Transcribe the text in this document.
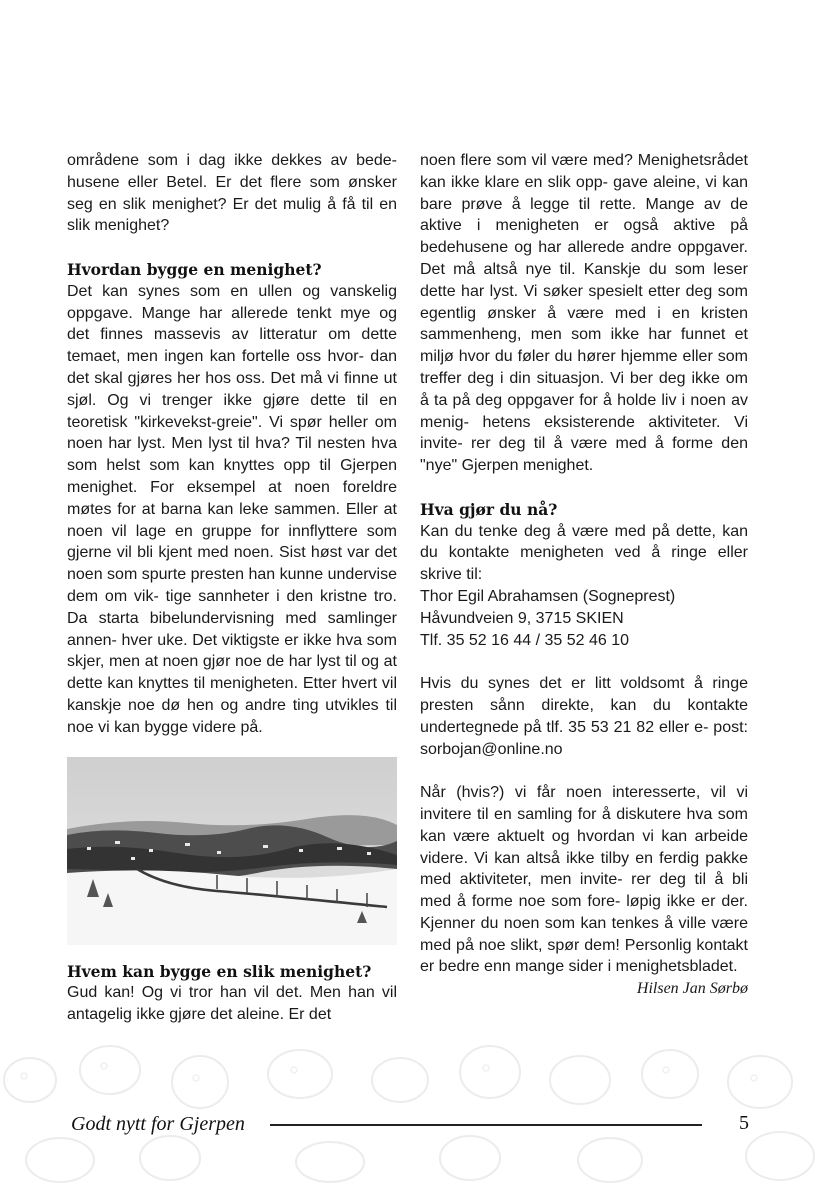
områdene som i dag ikke dekkes av bede- husene eller Betel. Er det flere som ønsker seg en slik menighet? Er det mulig å få til en slik menighet?

Hvordan bygge en menighet?

Det kan synes som en ullen og vanskelig oppgave. Mange har allerede tenkt mye og det finnes massevis av litteratur om dette temaet, men ingen kan fortelle oss hvor- dan det skal gjøres her hos oss. Det må vi finne ut sjøl. Og vi trenger ikke gjøre dette til en teoretisk "kirkevekst-greie". Vi spør heller om noen har lyst. Men lyst til hva? Til nesten hva som helst som kan knyttes opp til Gjerpen menighet. For eksempel at noen foreldre møtes for at barna kan leke sammen. Eller at noen vil lage en gruppe for innflyttere som gjerne vil bli kjent med noen. Sist høst var det noen som spurte presten han kunne undervise dem om vik- tige sannheter i den kristne tro. Da starta bibelundervisning med samlinger annen- hver uke. Det viktigste er ikke hva som skjer, men at noen gjør noe de har lyst til og at dette kan knyttes til menigheten. Etter hvert vil kanskje noe dø hen og andre ting utvikles til noe vi kan bygge videre på.

Hvem kan bygge en slik menighet?

Gud kan! Og vi tror han vil det. Men han vil antagelig ikke gjøre det aleine. Er det

noen flere som vil være med? Menighetsrådet kan ikke klare en slik opp- gave aleine, vi kan bare prøve å legge til rette. Mange av de aktive i menigheten er også aktive på bedehusene og har allerede andre oppgaver. Det må altså nye til. Kanskje du som leser dette har lyst. Vi søker spesielt etter deg som egentlig ønsker å være med i en kristen sammenheng, men som ikke har funnet et miljø hvor du føler du hører hjemme eller som treffer deg i din situasjon. Vi ber deg ikke om å ta på deg oppgaver for å holde liv i noen av menig- hetens eksisterende aktiviteter. Vi invite- rer deg til å være med å forme den "nye" Gjerpen menighet.

Hva gjør du nå?

Kan du tenke deg å være med på dette, kan du kontakte menigheten ved å ringe eller skrive til:

Thor Egil Abrahamsen (Sogneprest)

Håvundveien 9, 3715 SKIEN

Tlf. 35 52 16 44 / 35 52 46 10

Hvis du synes det er litt voldsomt å ringe presten sånn direkte, kan du kontakte undertegnede på tlf. 35 53 21 82 eller e- post: sorbojan@online.no

Når (hvis?) vi får noen interesserte, vil vi invitere til en samling for å diskutere hva som kan være aktuelt og hvordan vi kan arbeide videre. Vi kan altså ikke tilby en ferdig pakke med aktiviteter, men invite- rer deg til å bli med å forme noe som fore- løpig ikke er der. Kjenner du noen som kan tenkes å ville være med på noe slikt, spør dem! Personlig kontakt er bedre enn mange sider i menighetsbladet.

Hilsen Jan Sørbø

Godt nytt for Gjerpen	5
